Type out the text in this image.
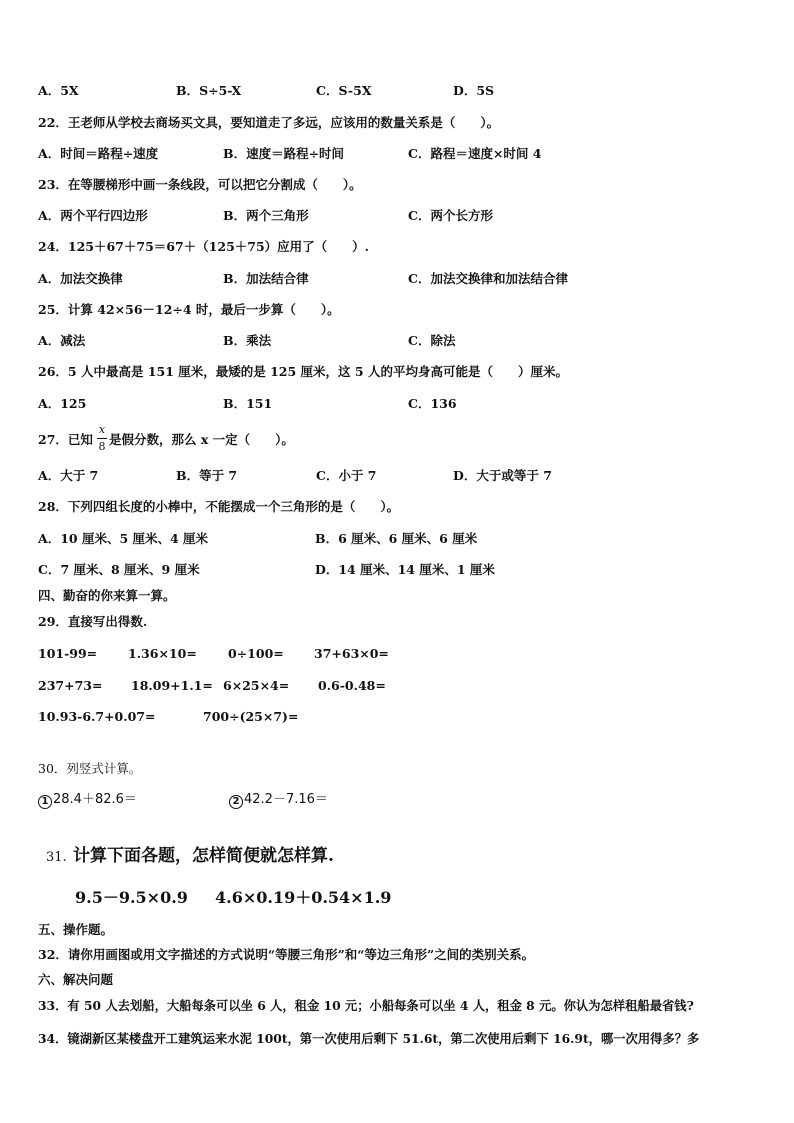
A．5X	B．S÷5-X	C．S-5X	D．5S
22．王老师从学校去商场买文具，要知道走了多远，应该用的数量关系是（　　）。
A．时间＝路程÷速度	B．速度＝路程÷时间	C．路程＝速度×时间 4
23．在等腰梯形中画一条线段，可以把它分割成（　　）。
A．两个平行四边形	B．两个三角形	C．两个长方形
24．125＋67＋75＝67＋（125＋75）应用了（　　）.
A．加法交换律	B．加法结合律	C．加法交换律和加法结合律
25．计算 42×56－12÷4 时，最后一步算（　　）。
A．减法	B．乘法	C．除法
26．5 人中最高是 151 厘米，最矮的是 125 厘米，这 5 人的平均身高可能是（　　）厘米。
A．125	B．151	C．136
27．已知
x
8 是假分数，那么 x 一定（　　）。
A．大于 7	B．等于 7	C．小于 7	D．大于或等于 7
28．下列四组长度的小棒中，不能摆成一个三角形的是（　　）。
A．10 厘米、5 厘米、4 厘米	B．6 厘米、6 厘米、6 厘米
C．7 厘米、8 厘米、9 厘米	D．14 厘米、14 厘米、1 厘米
四、勤奋的你来算一算。
29．直接写出得数.
101-99= 1.36×10= 0÷100= 37+63×0=
237+73= 18.09+1.1= 6×25×4= 0.6-0.48=
10.93-6.7+0.07=	700÷(25×7)=
30．列竖式计算。
1 28.4＋82.6＝	2 42.2－7.16＝
31. 计算下面各题，怎样简便就怎样算.
9.5－9.5×0.9 4.6×0.19＋0.54×1.9
五、操作题。
32．请你用画图或用文字描述的方式说明“等腰三角形”和“等边三角形”之间的类别关系。
六、解决问题
33．有 50 人去划船，大船每条可以坐 6 人，租金 10 元；小船每条可以坐 4 人，租金 8 元。你认为怎样租船最省钱?
34．镜湖新区某楼盘开工建筑运来水泥 100t，第一次使用后剩下 51.6t，第二次使用后剩下 16.9t，哪一次用得多？多
